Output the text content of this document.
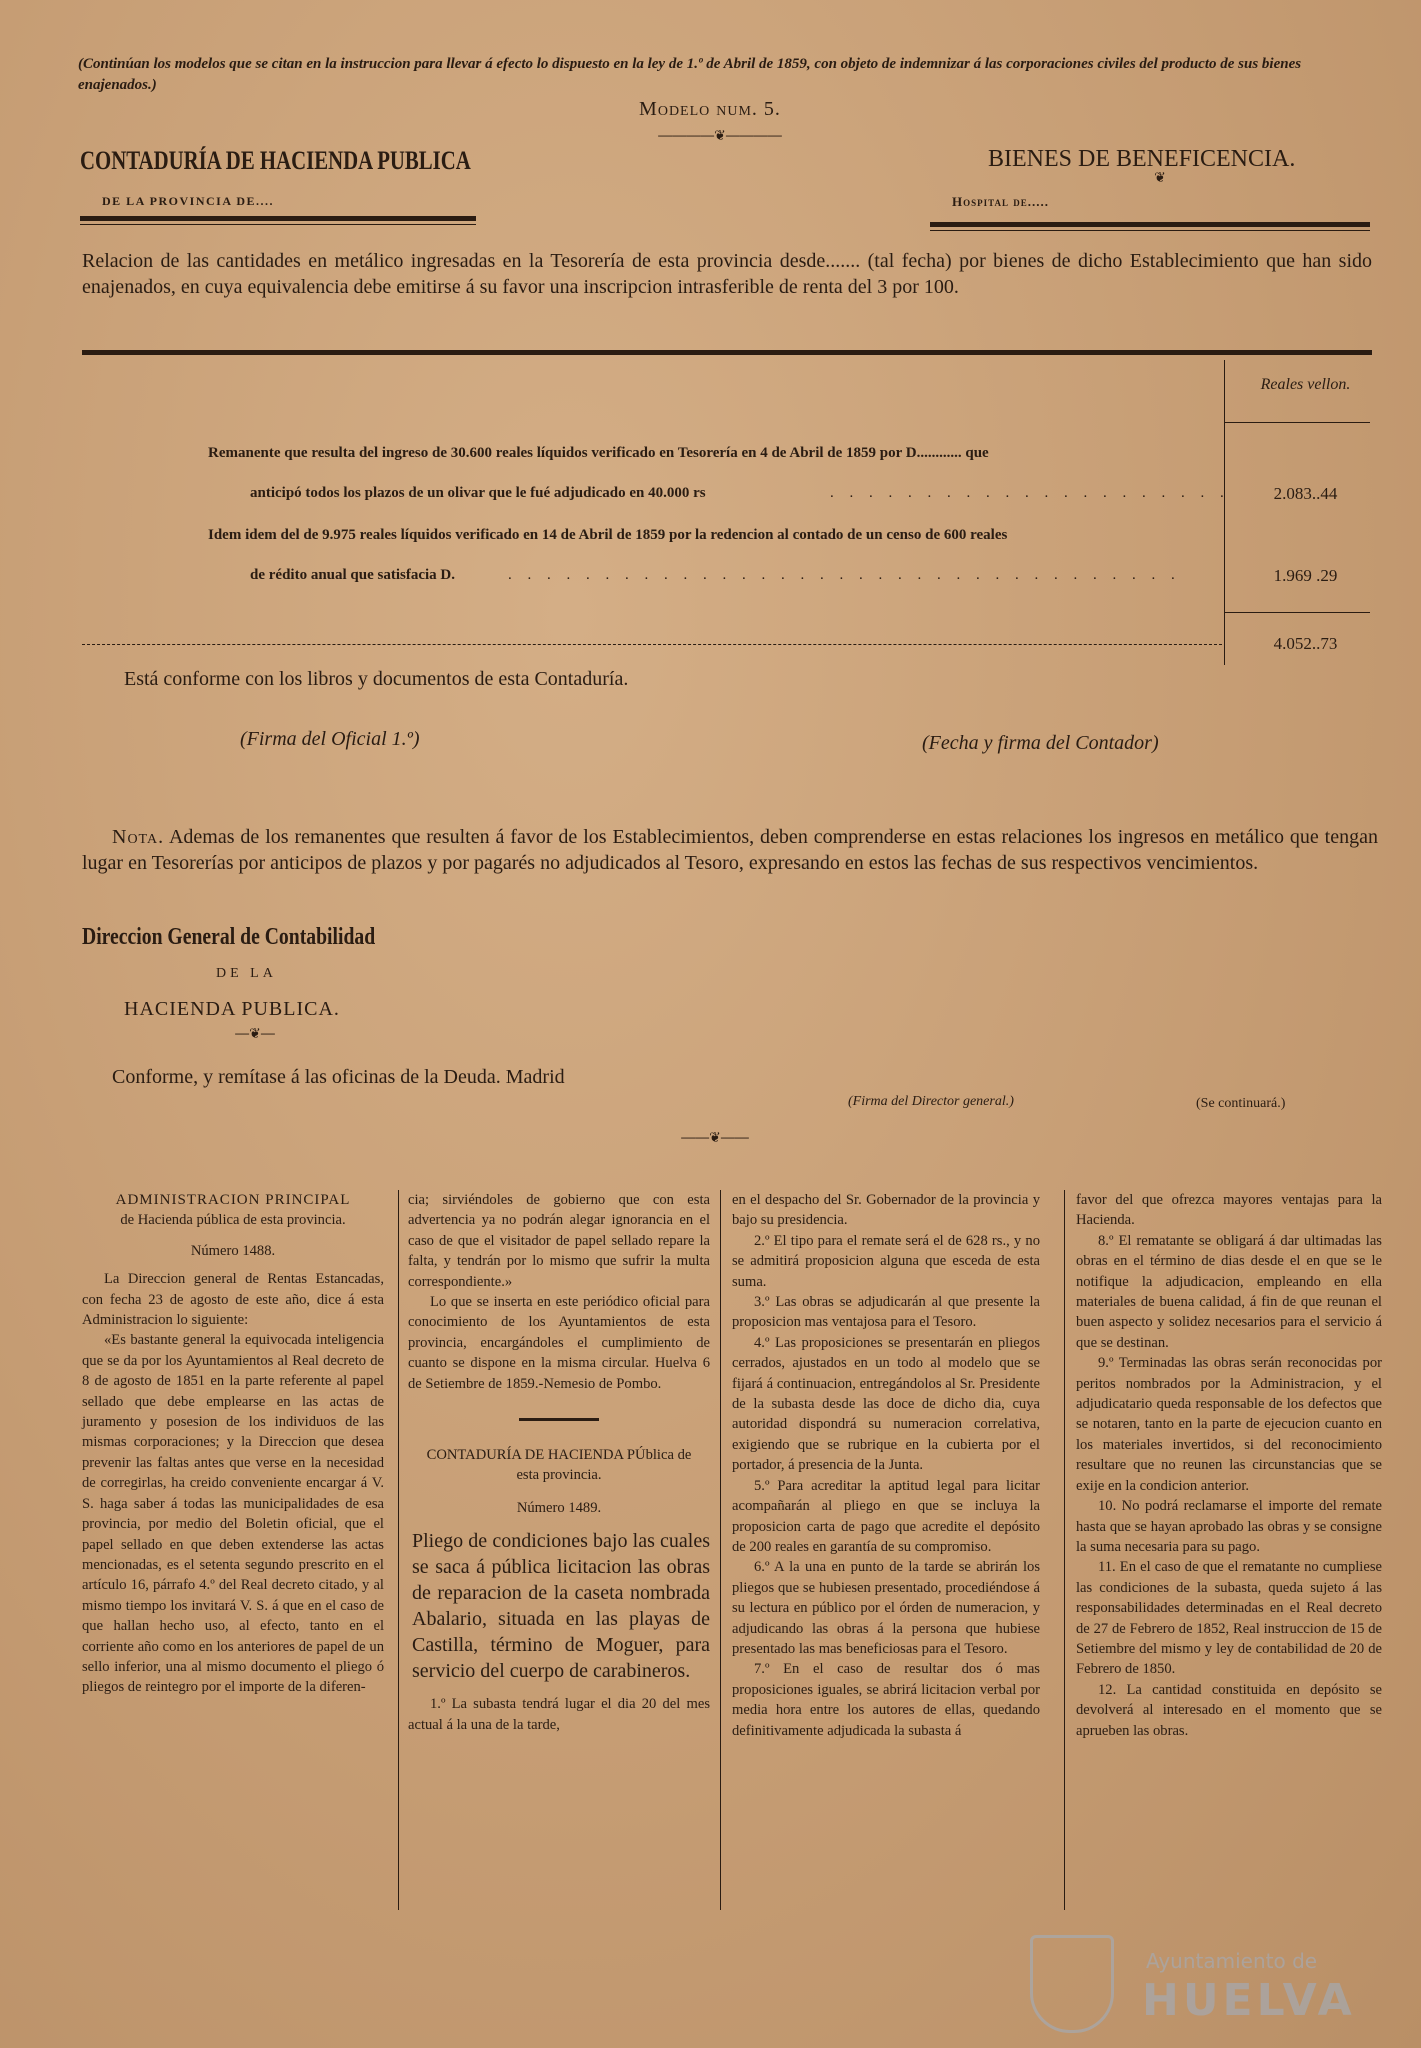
(Continúan los modelos que se citan en la instruccion para llevar á efecto lo dispuesto en la ley de 1.º de Abril de 1859, con objeto de indemnizar á las corporaciones civiles del producto de sus bienes enajenados.)
Modelo num. 5.
――――❦――――
CONTADURÍA DE HACIENDA PUBLICA
DE LA PROVINCIA DE....
BIENES DE BENEFICENCIA.
❦
Hospital de.....
Relacion de las cantidades en metálico ingresadas en la Tesorería de esta provincia desde....... (tal fecha) por bienes de dicho Establecimiento que han sido enajenados, en cuya equivalencia debe emitirse á su favor una inscripcion intrasferible de renta del 3 por 100.
Reales vellon.
Remanente que resulta del ingreso de 30.600 reales líquidos verificado en Tesorería en 4 de Abril de 1859 por D............ que
anticipó todos los plazos de un olivar que le fué adjudicado en 40.000 rs	. . . . . . . . . . . . . . . . . . . . .	2.083..44
Idem idem del de 9.975 reales líquidos verificado en 14 de Abril de 1859 por la redencion al contado de un censo de 600 reales
de rédito anual que satisfacia D.	. . . . . . . . . . . . . . . . . . . . . . . . . . . . . . . . . . .	1.969 .29
4.052..73
Está conforme con los libros y documentos de esta Contaduría.
(Firma del Oficial 1.º)	(Fecha y firma del Contador)
Nota. Ademas de los remanentes que resulten á favor de los Establecimientos, deben comprenderse en estas relaciones los ingresos en metálico que tengan lugar en Tesorerías por anticipos de plazos y por pagarés no adjudicados al Tesoro, expresando en estos las fechas de sus respectivos vencimientos.
Direccion General de Contabilidad
DE LA
HACIENDA PUBLICA.
―❦―
Conforme, y remítase á las oficinas de la Deuda. Madrid
(Firma del Director general.)	(Se continuará.)
――❦――

ADMINISTRACION PRINCIPAL

de Hacienda pública de esta provincia.

Número 1488.

La Direccion general de Rentas Estancadas, con fecha 23 de agosto de este año, dice á esta Administracion lo siguiente:

«Es bastante general la equivocada inteligencia que se da por los Ayuntamientos al Real decreto de 8 de agosto de 1851 en la parte referente al papel sellado que debe emplearse en las actas de juramento y posesion de los individuos de las mismas corporaciones; y la Direccion que desea prevenir las faltas antes que verse en la necesidad de corregirlas, ha creido conveniente encargar á V. S. haga saber á todas las municipalidades de esa provincia, por medio del Boletin oficial, que el papel sellado en que deben extenderse las actas mencionadas, es el setenta segundo prescrito en el artículo 16, párrafo 4.º del Real decreto citado, y al mismo tiempo los invitará V. S. á que en el caso de que hallan hecho uso, al efecto, tanto en el corriente año como en los anteriores de papel de un sello inferior, una al mismo documento el pliego ó pliegos de reintegro por el importe de la diferen-

cia; sirviéndoles de gobierno que con esta advertencia ya no podrán alegar ignorancia en el caso de que el visitador de papel sellado repare la falta, y tendrán por lo mismo que sufrir la multa correspondiente.»

Lo que se inserta en este periódico oficial para conocimiento de los Ayuntamientos de esta provincia, encargándoles el cumplimiento de cuanto se dispone en la misma circular. Huelva 6 de Setiembre de 1859.-Nemesio de Pombo.

CONTADURÍA DE HACIENDA PÚblica de esta provincia.

Número 1489.

Pliego de condiciones bajo las cuales se saca á pública licitacion las obras de reparacion de la caseta nombrada Abalario, situada en las playas de Castilla, término de Moguer, para servicio del cuerpo de carabineros.

1.º La subasta tendrá lugar el dia 20 del mes actual á la una de la tarde,

en el despacho del Sr. Gobernador de la provincia y bajo su presidencia.

2.º El tipo para el remate será el de 628 rs., y no se admitirá proposicion alguna que esceda de esta suma.

3.º Las obras se adjudicarán al que presente la proposicion mas ventajosa para el Tesoro.

4.º Las proposiciones se presentarán en pliegos cerrados, ajustados en un todo al modelo que se fijará á continuacion, entregándolos al Sr. Presidente de la subasta desde las doce de dicho dia, cuya autoridad dispondrá su numeracion correlativa, exigiendo que se rubrique en la cubierta por el portador, á presencia de la Junta.

5.º Para acreditar la aptitud legal para licitar acompañarán al pliego en que se incluya la proposicion carta de pago que acredite el depósito de 200 reales en garantía de su compromiso.

6.º A la una en punto de la tarde se abrirán los pliegos que se hubiesen presentado, procediéndose á su lectura en público por el órden de numeracion, y adjudicando las obras á la persona que hubiese presentado las mas beneficiosas para el Tesoro.

7.º En el caso de resultar dos ó mas proposiciones iguales, se abrirá licitacion verbal por media hora entre los autores de ellas, quedando definitivamente adjudicada la subasta á

favor del que ofrezca mayores ventajas para la Hacienda.

8.º El rematante se obligará á dar ultimadas las obras en el término de dias desde el en que se le notifique la adjudicacion, empleando en ella materiales de buena calidad, á fin de que reunan el buen aspecto y solidez necesarios para el servicio á que se destinan.

9.º Terminadas las obras serán reconocidas por peritos nombrados por la Administracion, y el adjudicatario queda responsable de los defectos que se notaren, tanto en la parte de ejecucion cuanto en los materiales invertidos, si del reconocimiento resultare que no reunen las circunstancias que se exije en la condicion anterior.

10. No podrá reclamarse el importe del remate hasta que se hayan aprobado las obras y se consigne la suma necesaria para su pago.

11. En el caso de que el rematante no cumpliese las condiciones de la subasta, queda sujeto á las responsabilidades determinadas en el Real decreto de 27 de Febrero de 1852, Real instruccion de 15 de Setiembre del mismo y ley de contabilidad de 20 de Febrero de 1850.

12. La cantidad constituida en depósito se devolverá al interesado en el momento que se aprueben las obras.

Ayuntamiento de
HUELVA
